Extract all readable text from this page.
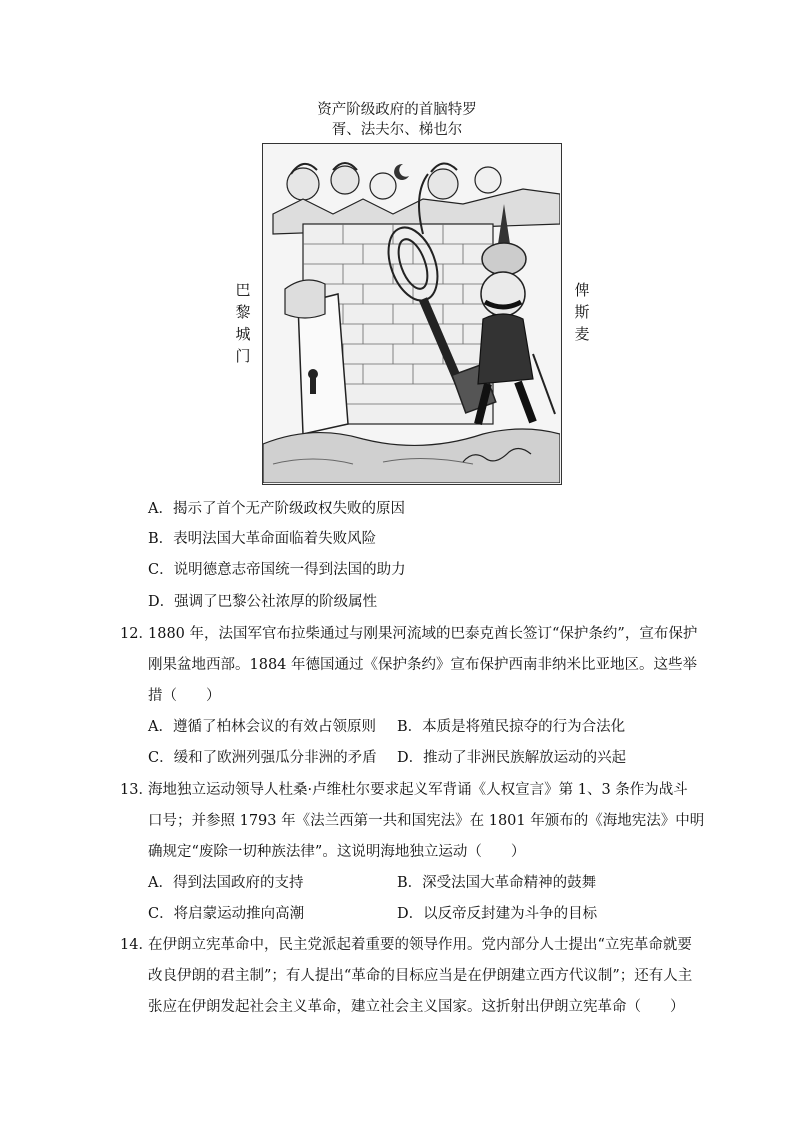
资产阶级政府的首脑特罗
胥、法夫尔、梯也尔
巴
黎
城
门
俾
斯
麦
A．揭示了首个无产阶级政权失败的原因
B．表明法国大革命面临着失败风险
C．说明德意志帝国统一得到法国的助力
D．强调了巴黎公社浓厚的阶级属性
12．
1880 年，法国军官布拉柴通过与刚果河流域的巴泰克酋长签订“保护条约”，宣布保护
刚果盆地西部。1884 年德国通过《保护条约》宣布保护西南非纳米比亚地区。这些举
措（　　）
A．遵循了柏林会议的有效占领原则 B．本质是将殖民掠夺的行为合法化
C．缓和了欧洲列强瓜分非洲的矛盾 D．推动了非洲民族解放运动的兴起
13．
海地独立运动领导人杜桑·卢维杜尔要求起义军背诵《人权宣言》第 1、3 条作为战斗
口号；并参照 1793 年《法兰西第一共和国宪法》在 1801 年颁布的《海地宪法》中明
确规定“废除一切种族法律”。这说明海地独立运动（　　）
A．得到法国政府的支持	B．深受法国大革命精神的鼓舞
C．将启蒙运动推向高潮	D．以反帝反封建为斗争的目标
14．
在伊朗立宪革命中，民主党派起着重要的领导作用。党内部分人士提出“立宪革命就要
改良伊朗的君主制”；有人提出“革命的目标应当是在伊朗建立西方代议制”；还有人主
张应在伊朗发起社会主义革命，建立社会主义国家。这折射出伊朗立宪革命（　　）
